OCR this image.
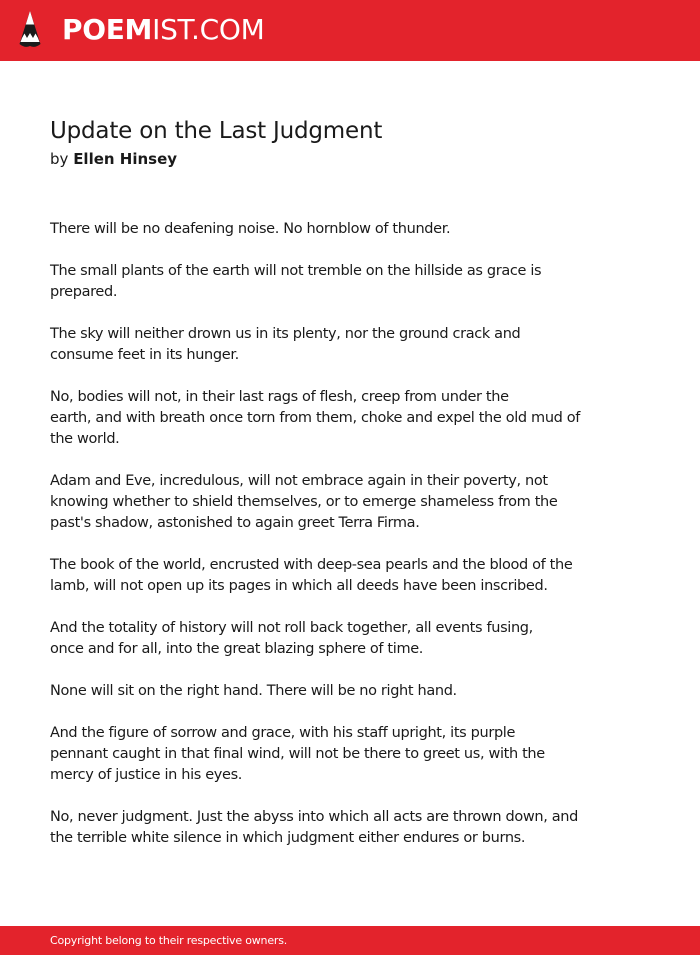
POEMIST.COM
Update on the Last Judgment
by Ellen Hinsey

There will be no deafening noise. No hornblow of thunder.

The small plants of the earth will not tremble on the hillside as grace is
prepared.

The sky will neither drown us in its plenty, nor the ground crack and
consume feet in its hunger.

No, bodies will not, in their last rags of flesh, creep from under the
earth, and with breath once torn from them, choke and expel the old mud of
the world.

Adam and Eve, incredulous, will not embrace again in their poverty, not
knowing whether to shield themselves, or to emerge shameless from the
past's shadow, astonished to again greet Terra Firma.

The book of the world, encrusted with deep-sea pearls and the blood of the
lamb, will not open up its pages in which all deeds have been inscribed.

And the totality of history will not roll back together, all events fusing,
once and for all, into the great blazing sphere of time.

None will sit on the right hand. There will be no right hand.

And the figure of sorrow and grace, with his staff upright, its purple
pennant caught in that final wind, will not be there to greet us, with the
mercy of justice in his eyes.

No, never judgment. Just the abyss into which all acts are thrown down, and
the terrible white silence in which judgment either endures or burns.

Copyright belong to their respective owners.
